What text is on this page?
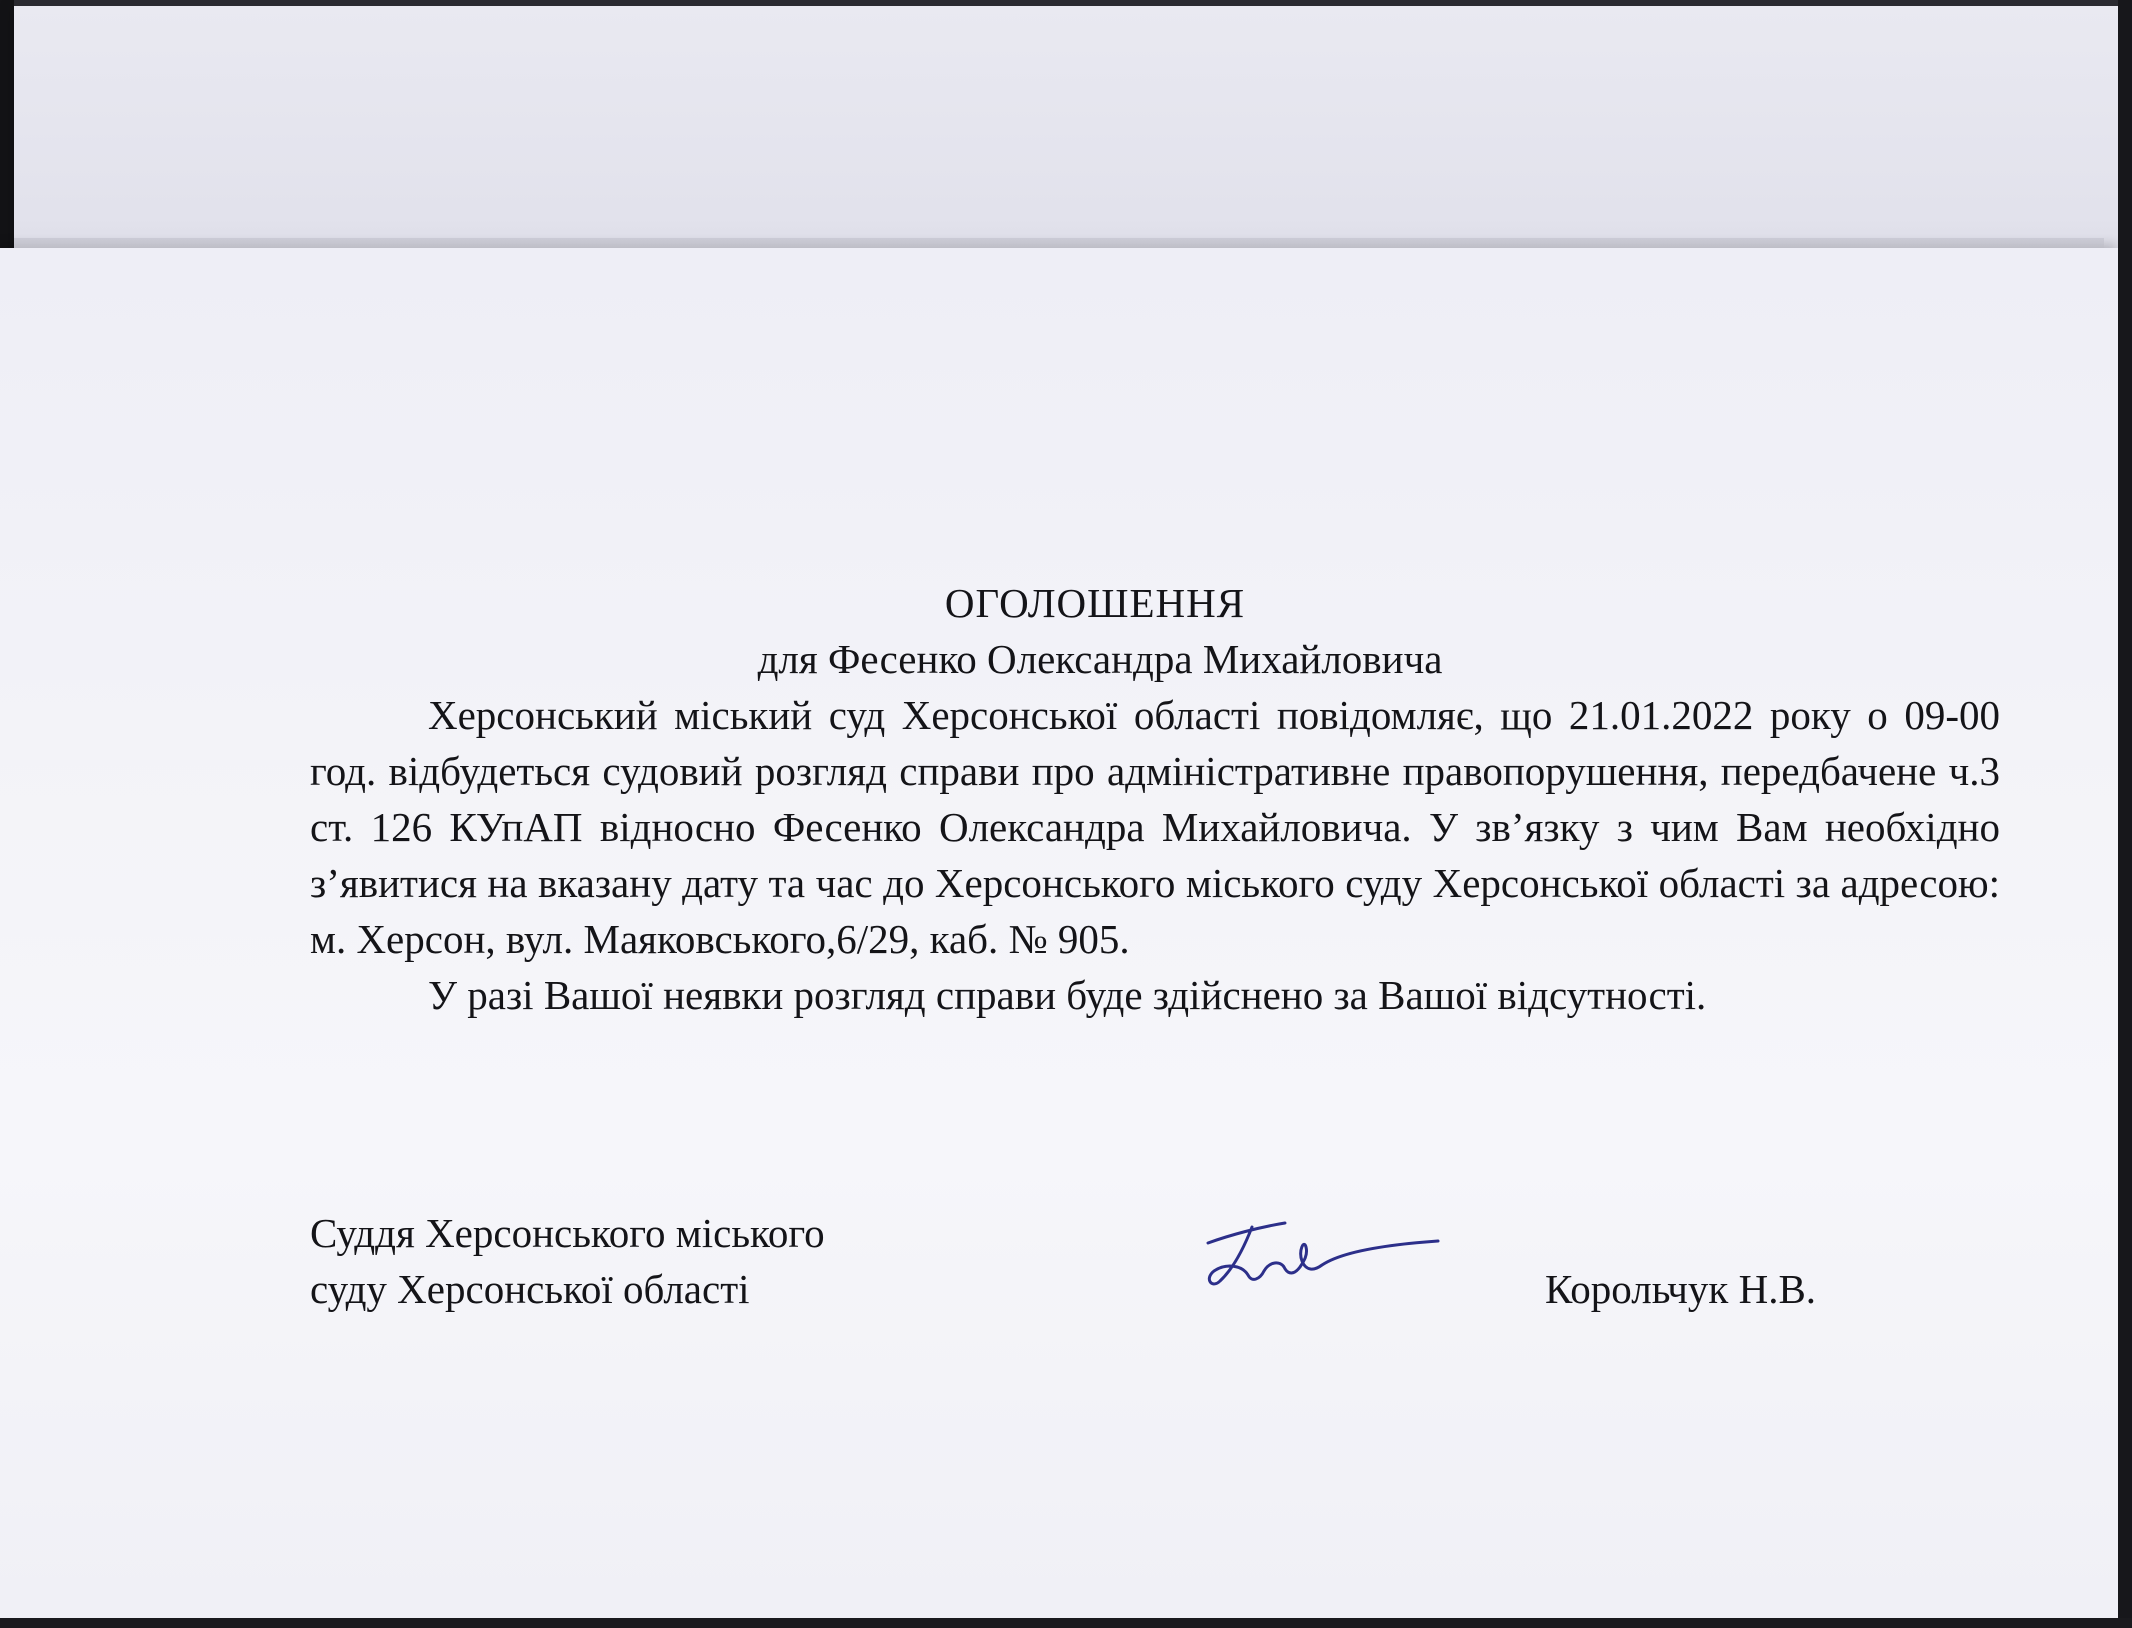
ОГОЛОШЕННЯ

для Фесенко Олександра Михайловича

Херсонський міський суд Херсонської області повідомляє, що 21.01.2022 року о 09-00 год. відбудеться судовий розгляд справи про адміністративне правопорушення, передбачене ч.3 ст. 126 КУпАП відносно Фесенко Олександра Михайловича. У зв’язку з чим Вам необхідно з’явитися на вказану дату та час до Херсонського міського суду Херсонської області за адресою: м. Херсон, вул. Маяковського,6/29, каб. № 905.

У разі Вашої неявки розгляд справи буде здійснено за Вашої відсутності.

Суддя Херсонського міського
суду Херсонської області	Корольчук Н.В.
